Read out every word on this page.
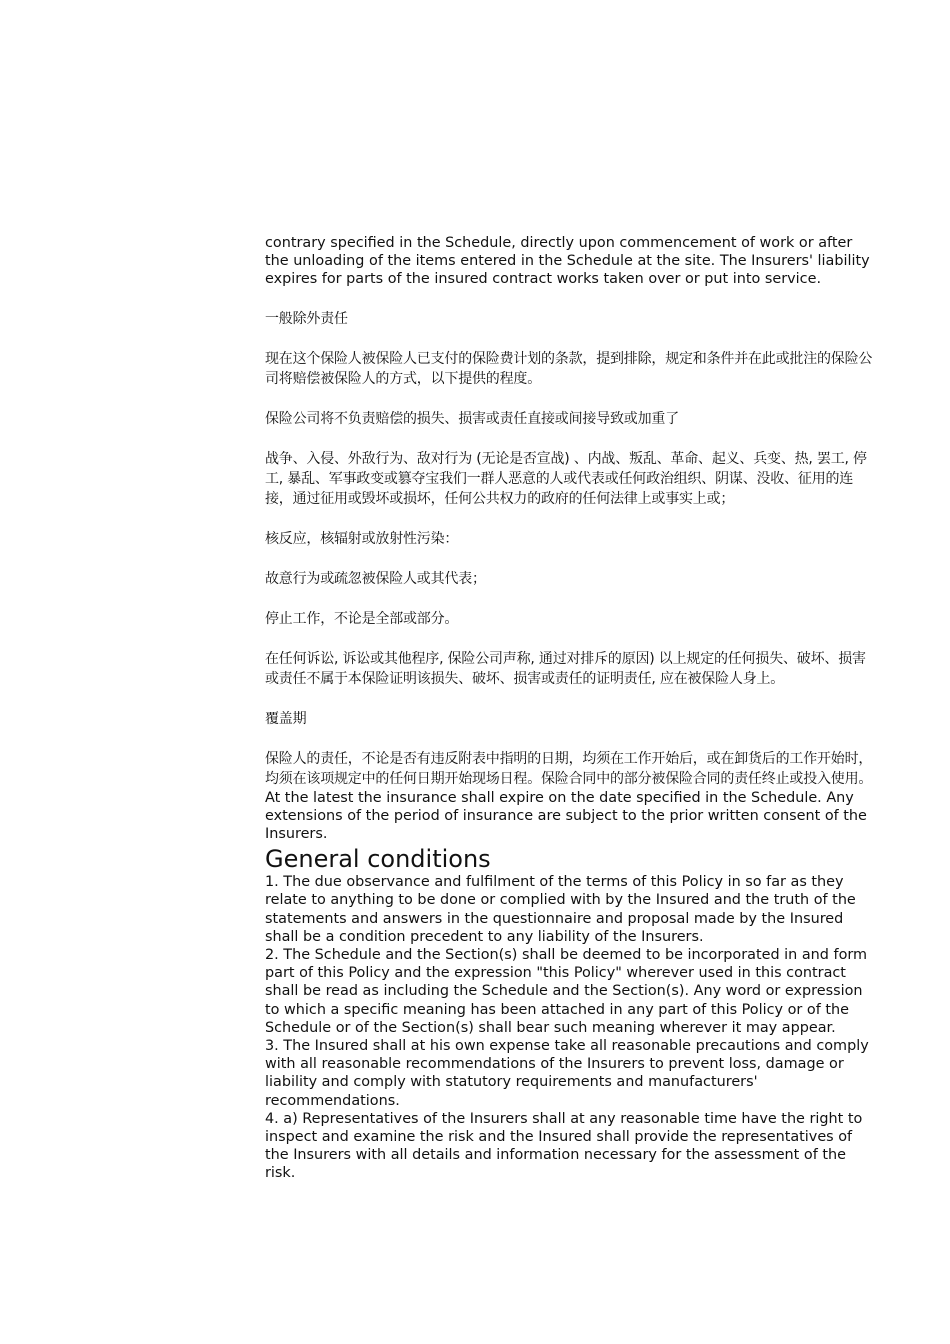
contrary specified in the Schedule, directly upon commencement of work or after the unloading of the items entered in the Schedule at the site. The Insurers' liability expires for parts of the insured contract works taken over or put into service.

一般除外责任

现在这个保险人被保险人已支付的保险费计划的条款，提到排除，规定和条件并在此或批注的保险公司将赔偿被保险人的方式，以下提供的程度。

保险公司将不负责赔偿的损失、损害或责任直接或间接导致或加重了

战争、入侵、外敌行为、敌对行为 (无论是否宣战) 、内战、叛乱、革命、起义、兵变、热, 罢工, 停工, 暴乱、军事政变或篡夺宝我们一群人恶意的人或代表或任何政治组织、阴谋、没收、征用的连接，通过征用或毁坏或损坏，任何公共权力的政府的任何法律上或事实上或；

核反应，核辐射或放射性污染：

故意行为或疏忽被保险人或其代表；

停止工作，不论是全部或部分。

在任何诉讼, 诉讼或其他程序, 保险公司声称, 通过对排斥的原因) 以上规定的任何损失、破坏、损害或责任不属于本保险证明该损失、破坏、损害或责任的证明责任, 应在被保险人身上。

覆盖期

保险人的责任，不论是否有违反附表中指明的日期，均须在工作开始后，或在卸货后的工作开始时，均须在该项规定中的任何日期开始现场日程。保险合同中的部分被保险合同的责任终止或投入使用。

At the latest the insurance shall expire on the date specified in the Schedule. Any extensions of the period of insurance are subject to the prior written consent of the Insurers.

General conditions

1. The due observance and fulfilment of the terms of this Policy in so far as they relate to anything to be done or complied with by the Insured and the truth of the statements and answers in the questionnaire and proposal made by the Insured shall be a condition precedent to any liability of the Insurers.

2. The Schedule and the Section(s) shall be deemed to be incorporated in and form part of this Policy and the expression "this Policy" wherever used in this contract shall be read as including the Schedule and the Section(s). Any word or expression to which a specific meaning has been attached in any part of this Policy or of the Schedule or of the Section(s) shall bear such meaning wherever it may appear.

3. The Insured shall at his own expense take all reasonable precautions and comply with all reasonable recommendations of the Insurers to prevent loss, damage or liability and comply with statutory requirements and manufacturers' recommendations.

4. a) Representatives of the Insurers shall at any reasonable time have the right to inspect and examine the risk and the Insured shall provide the representatives of the Insurers with all details and information necessary for the assessment of the risk.
